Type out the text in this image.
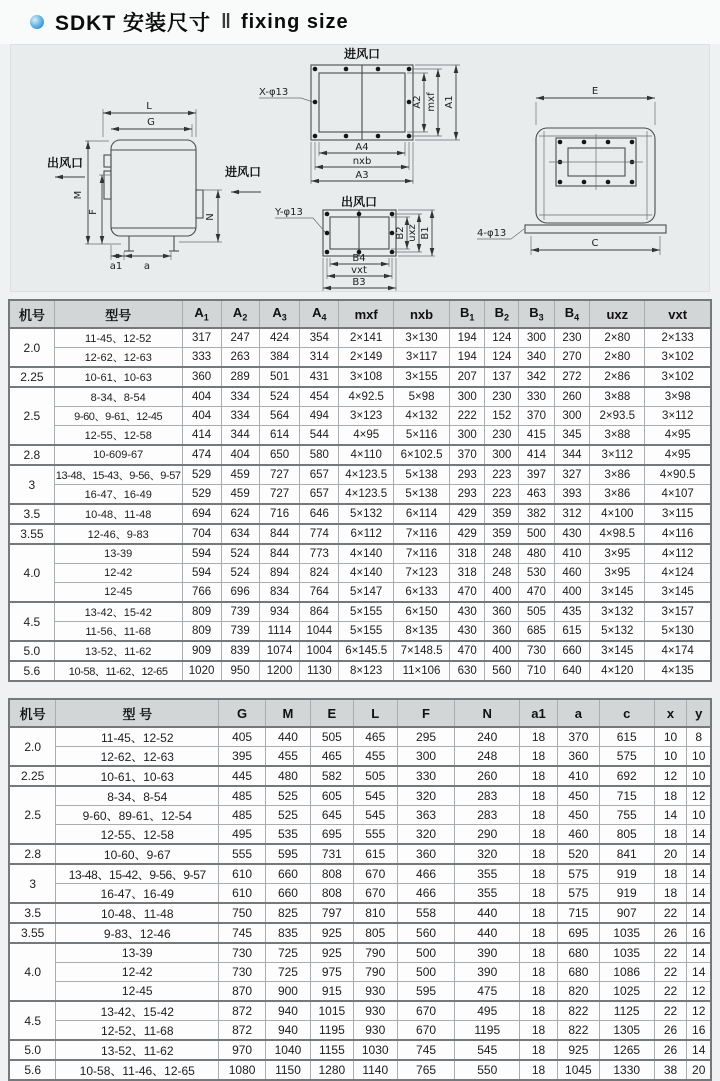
SDKT 安装尺寸 ‖ fixing size
L
G
M
F
N
a1 a
出风口
进风口
进风口
X-φ13
A2 mxf A1
A4
nxb
A3
出风口
Y-φ13
B2 uxz B1
B4
vxt
B3
4-φ13
E
C
机号	型号	$A_1$	$A_2$	$A_3$	$A_4$	mxf	nxb	$B_1$	$B_2$	$B_3$	$B_4$	uxz	vxt
2.0	11-45、12-52	317	247	424	354	2×141	3×130	194	124	300	230	2×80	2×133
	12-62、12-63	333	263	384	314	2×149	3×117	194	124	340	270	2×80	3×102
2.25	10-61、10-63	360	289	501	431	3×108	3×155	207	137	342	272	2×86	3×102
2.5	8-34、8-54	404	334	524	454	4×92.5	5×98	300	230	330	260	3×88	3×98
	9-60、9-61、12-45	404	334	564	494	3×123	4×132	222	152	370	300	2×93.5	3×112
	12-55、12-58	414	344	614	544	4×95	5×116	300	230	415	345	3×88	4×95
2.8	10-609-67	474	404	650	580	4×110	6×102.5	370	300	414	344	3×112	4×95
3	13-48、15-43、9-56、9-57	529	459	727	657	4×123.5	5×138	293	223	397	327	3×86	4×90.5
	16-47、16-49	529	459	727	657	4×123.5	5×138	293	223	463	393	3×86	4×107
3.5	10-48、11-48	694	624	716	646	5×132	6×114	429	359	382	312	4×100	3×115
3.55	12-46、9-83	704	634	844	774	6×112	7×116	429	359	500	430	4×98.5	4×116
4.0	13-39	594	524	844	773	4×140	7×116	318	248	480	410	3×95	4×112
	12-42	594	524	894	824	4×140	7×123	318	248	530	460	3×95	4×124
	12-45	766	696	834	764	5×147	6×133	470	400	470	400	3×145	3×145
4.5	13-42、15-42	809	739	934	864	5×155	6×150	430	360	505	435	3×132	3×157
	11-56、11-68	809	739	1114	1044	5×155	8×135	430	360	685	615	5×132	5×130
5.0	13-52、11-62	909	839	1074	1004	6×145.5	7×148.5	470	400	730	660	3×145	4×174
5.6	10-58、11-62、12-65	1020	950	1200	1130	8×123	11×106	630	560	710	640	4×120	4×135
机号	型 号	G	M	E	L	F	N	a1	a	c	x	y
2.0	11-45、12-52	405	440	505	465	295	240	18	370	615	10	8
	12-62、12-63	395	455	465	455	300	248	18	360	575	10	10
2.25	10-61、10-63	445	480	582	505	330	260	18	410	692	12	10
2.5	8-34、8-54	485	525	605	545	320	283	18	450	715	18	12
	9-60、89-61、12-54	485	525	645	545	363	283	18	450	755	14	10
	12-55、12-58	495	535	695	555	320	290	18	460	805	18	14
2.8	10-60、9-67	555	595	731	615	360	320	18	520	841	20	14
3	13-48、15-42、9-56、9-57	610	660	808	670	466	355	18	575	919	18	14
	16-47、16-49	610	660	808	670	466	355	18	575	919	18	14
3.5	10-48、11-48	750	825	797	810	558	440	18	715	907	22	14
3.55	9-83、12-46	745	835	925	805	560	440	18	695	1035	26	16
4.0	13-39	730	725	925	790	500	390	18	680	1035	22	14
	12-42	730	725	975	790	500	390	18	680	1086	22	14
	12-45	870	900	915	930	595	475	18	820	1025	22	12
4.5	13-42、15-42	872	940	1015	930	670	495	18	822	1125	22	12
	12-52、11-68	872	940	1195	930	670	1195	18	822	1305	26	16
5.0	13-52、11-62	970	1040	1155	1030	745	545	18	925	1265	26	14
5.6	10-58、11-46、12-65	1080	1150	1280	1140	765	550	18	1045	1330	38	20
